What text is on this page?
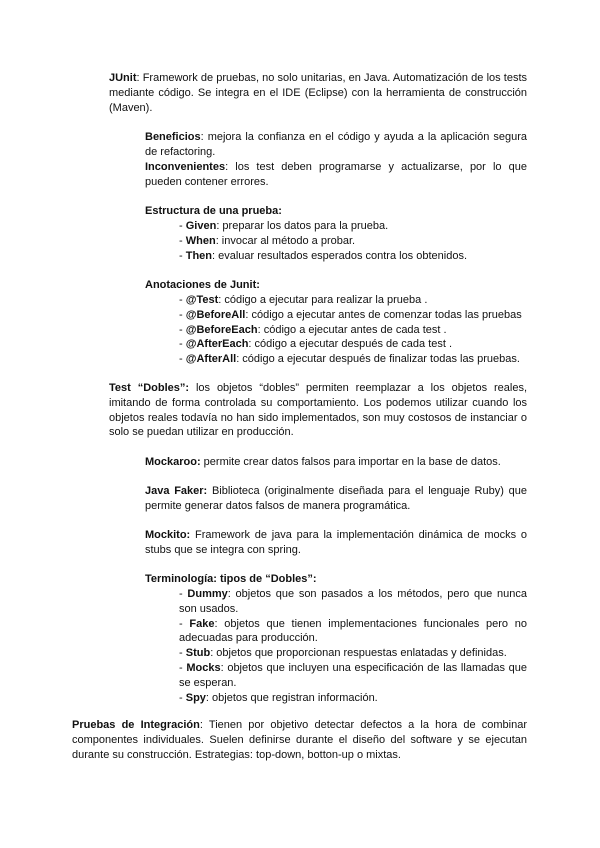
JUnit: Framework de pruebas, no solo unitarias, en Java. Automatización de los tests mediante código. Se integra en el IDE (Eclipse) con la herramienta de construcción (Maven).

Beneficios: mejora la confianza en el código y ayuda a la aplicación segura de refactoring.

Inconvenientes: los test deben programarse y actualizarse, por lo que pueden contener errores.

Estructura de una prueba:

- Given: preparar los datos para la prueba.
- When: invocar al método a probar.
- Then: evaluar resultados esperados contra los obtenidos.

Anotaciones de Junit:

- @Test: código a ejecutar para realizar la prueba .
- @BeforeAll: código a ejecutar antes de comenzar todas las pruebas
- @BeforeEach: código a ejecutar antes de cada test .
- @AfterEach: código a ejecutar después de cada test .
- @AfterAll: código a ejecutar después de finalizar todas las pruebas.

Test “Dobles”: los objetos “dobles” permiten reemplazar a los objetos reales, imitando de forma controlada su comportamiento. Los podemos utilizar cuando los objetos reales todavía no han sido implementados, son muy costosos de instanciar o solo se puedan utilizar en producción.

Mockaroo: permite crear datos falsos para importar en la base de datos.

Java Faker: Biblioteca (originalmente diseñada para el lenguaje Ruby) que permite generar datos falsos de manera programática.

Mockito: Framework de java para la implementación dinámica de mocks o stubs que se integra con spring.

Terminología: tipos de “Dobles”:

- Dummy: objetos que son pasados a los métodos, pero que nunca son usados.
- Fake: objetos que tienen implementaciones funcionales pero no adecuadas para producción.
- Stub: objetos que proporcionan respuestas enlatadas y definidas.
- Mocks: objetos que incluyen una especificación de las llamadas que se esperan.
- Spy: objetos que registran información.

Pruebas de Integración: Tienen por objetivo detectar defectos a la hora de combinar componentes individuales. Suelen definirse durante el diseño del software y se ejecutan durante su construcción. Estrategias: top-down, botton-up o mixtas.
